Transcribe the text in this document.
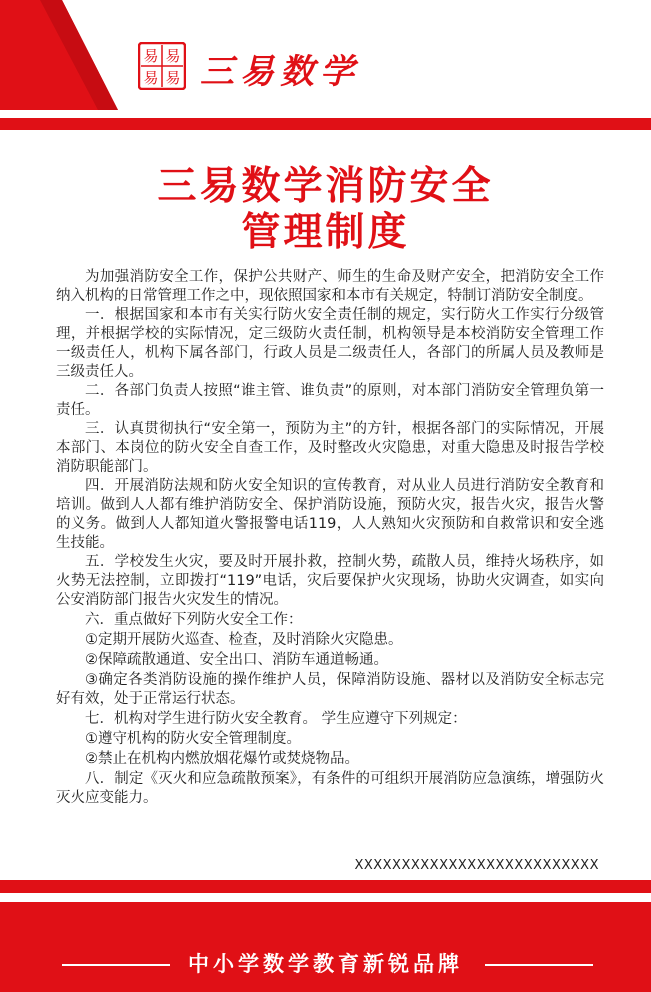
易 易
易 易 三易数学
三易数学消防安全
管理制度

为加强消防安全工作，保护公共财产、师生的生命及财产安全，把消防安全工作纳入机构的日常管理工作之中，现依照国家和本市有关规定，特制订消防安全制度。

一．根据国家和本市有关实行防火安全责任制的规定，实行防火工作实行分级管理，并根据学校的实际情况，定三级防火责任制，机构领导是本校消防安全管理工作一级责任人，机构下属各部门，行政人员是二级责任人，各部门的所属人员及教师是三级责任人。

二．各部门负责人按照“谁主管、谁负责”的原则，对本部门消防安全管理负第一责任。

三．认真贯彻执行“安全第一，预防为主”的方针，根据各部门的实际情况，开展本部门、本岗位的防火安全自查工作，及时整改火灾隐患，对重大隐患及时报告学校消防职能部门。

四．开展消防法规和防火安全知识的宣传教育，对从业人员进行消防安全教育和培训。做到人人都有维护消防安全、保护消防设施，预防火灾，报告火灾，报告火警的义务。做到人人都知道火警报警电话119，人人熟知火灾预防和自救常识和安全逃生技能。

五．学校发生火灾，要及时开展扑救，控制火势，疏散人员，维持火场秩序，如火势无法控制，立即拨打“119”电话，灾后要保护火灾现场，协助火灾调查，如实向公安消防部门报告火灾发生的情况。

六．重点做好下列防火安全工作：

①定期开展防火巡查、检查，及时消除火灾隐患。

②保障疏散通道、安全出口、消防车通道畅通。

③确定各类消防设施的操作维护人员，保障消防设施、器材以及消防安全标志完好有效，处于正常运行状态。

七．机构对学生进行防火安全教育。 学生应遵守下列规定：

①遵守机构的防火安全管理制度。

②禁止在机构内燃放烟花爆竹或焚烧物品。

八．制定《灭火和应急疏散预案》，有条件的可组织开展消防应急演练，增强防火灭火应变能力。

XXXXXXXXXXXXXXXXXXXXXXXXXX
中小学数学教育新锐品牌
